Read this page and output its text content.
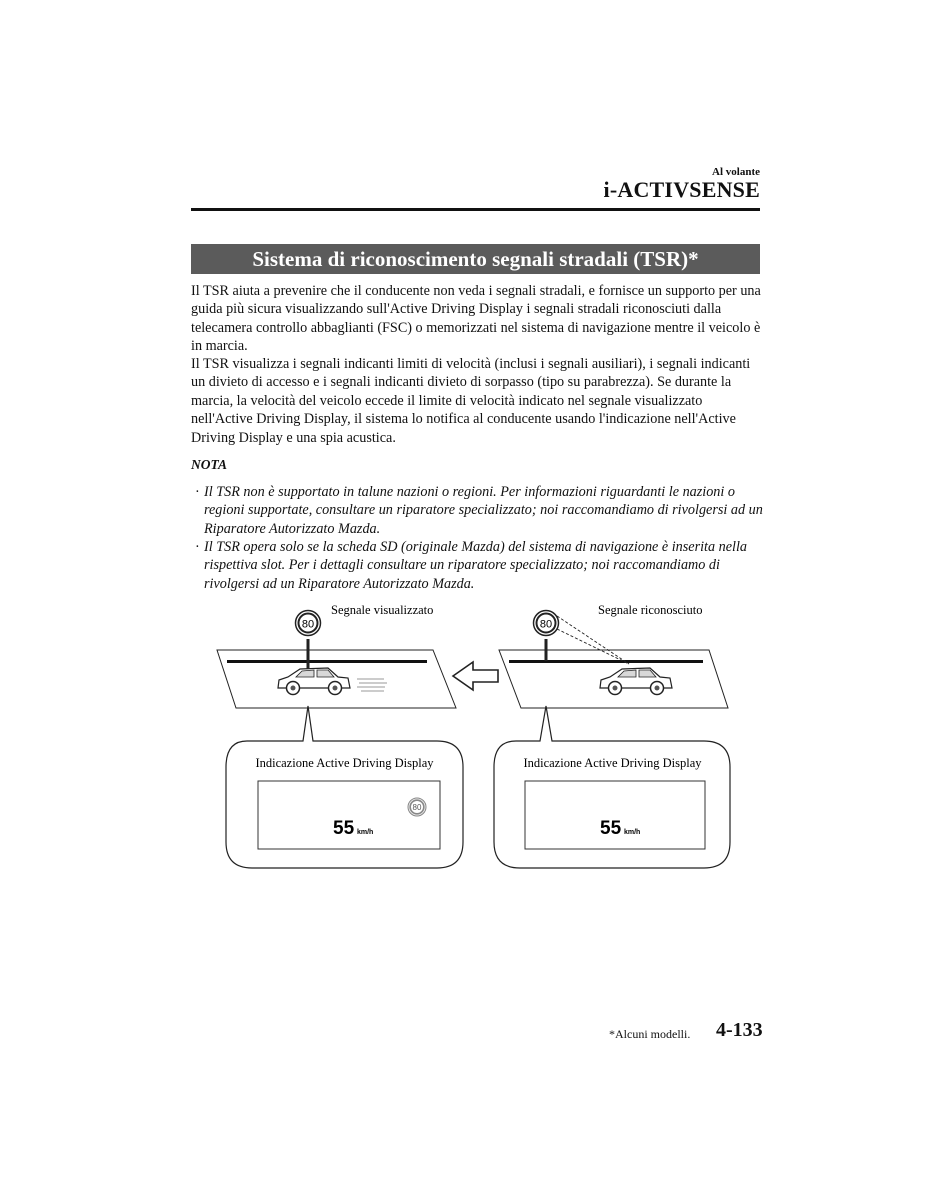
Al volante
i-ACTIVSENSE
Sistema di riconoscimento segnali stradali (TSR)*

Il TSR aiuta a prevenire che il conducente non veda i segnali stradali, e fornisce un supporto per una guida più sicura visualizzando sull'Active Driving Display i segnali stradali riconosciuti dalla telecamera controllo abbaglianti (FSC) o memorizzati nel sistema di navigazione mentre il veicolo è in marcia.

Il TSR visualizza i segnali indicanti limiti di velocità (inclusi i segnali ausiliari), i segnali indicanti un divieto di accesso e i segnali indicanti divieto di sorpasso (tipo su parabrezza). Se durante la marcia, la velocità del veicolo eccede il limite di velocità indicato nel segnale visualizzato nell'Active Driving Display, il sistema lo notifica al conducente usando l'indicazione nell'Active Driving Display e una spia acustica.

NOTA
· Il TSR non è supportato in talune nazioni o regioni. Per informazioni riguardanti le nazioni o regioni supportate, consultare un riparatore specializzato; noi raccomandiamo di rivolgersi ad un Riparatore Autorizzato Mazda.
· Il TSR opera solo se la scheda SD (originale Mazda) del sistema di navigazione è inserita nella rispettiva slot. Per i dettagli consultare un riparatore specializzato; noi raccomandiamo di rivolgersi ad un Riparatore Autorizzato Mazda.
Segnale visualizzato	Segnale riconosciuto
80	80
Indicazione Active Driving Display
80
55 km/h
Indicazione Active Driving Display
55 km/h
*Alcuni modelli. 4-133
